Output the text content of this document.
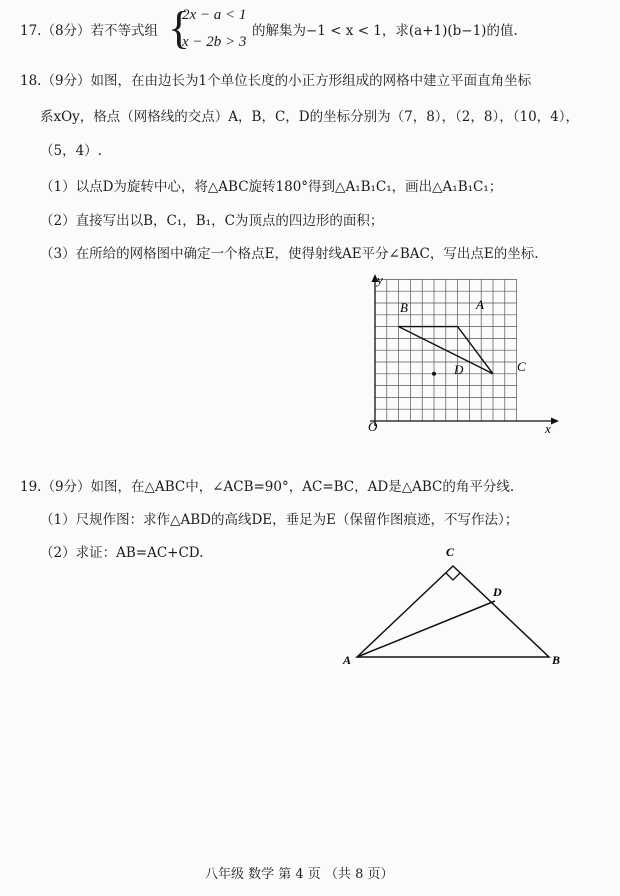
17.（8分）若不等式组 {
2x − a < 1
x − 2b > 3
的解集为−1 < x < 1，求(a+1)(b−1)的值.
18.（9分）如图，在由边长为1个单位长度的小正方形组成的网格中建立平面直角坐标
系xOy，格点（网格线的交点）A，B，C，D的坐标分别为（7，8），（2，8），（10，4），
（5，4）.
（1）以点D为旋转中心，将△ABC旋转180°得到△A₁B₁C₁，画出△A₁B₁C₁；
（2）直接写出以B，C₁，B₁，C为顶点的四边形的面积；
（3）在所给的网格图中确定一个格点E，使得射线AE平分∠BAC，写出点E的坐标.
y
x
O
A
B
C
D
19.（9分）如图，在△ABC中，∠ACB=90°，AC=BC，AD是△ABC的角平分线.
（1）尺规作图：求作△ABD的高线DE，垂足为E（保留作图痕迹，不写作法）；
（2）求证：AB=AC+CD.	C
D
A	B
八年级 数学 第 4 页 （共 8 页）
